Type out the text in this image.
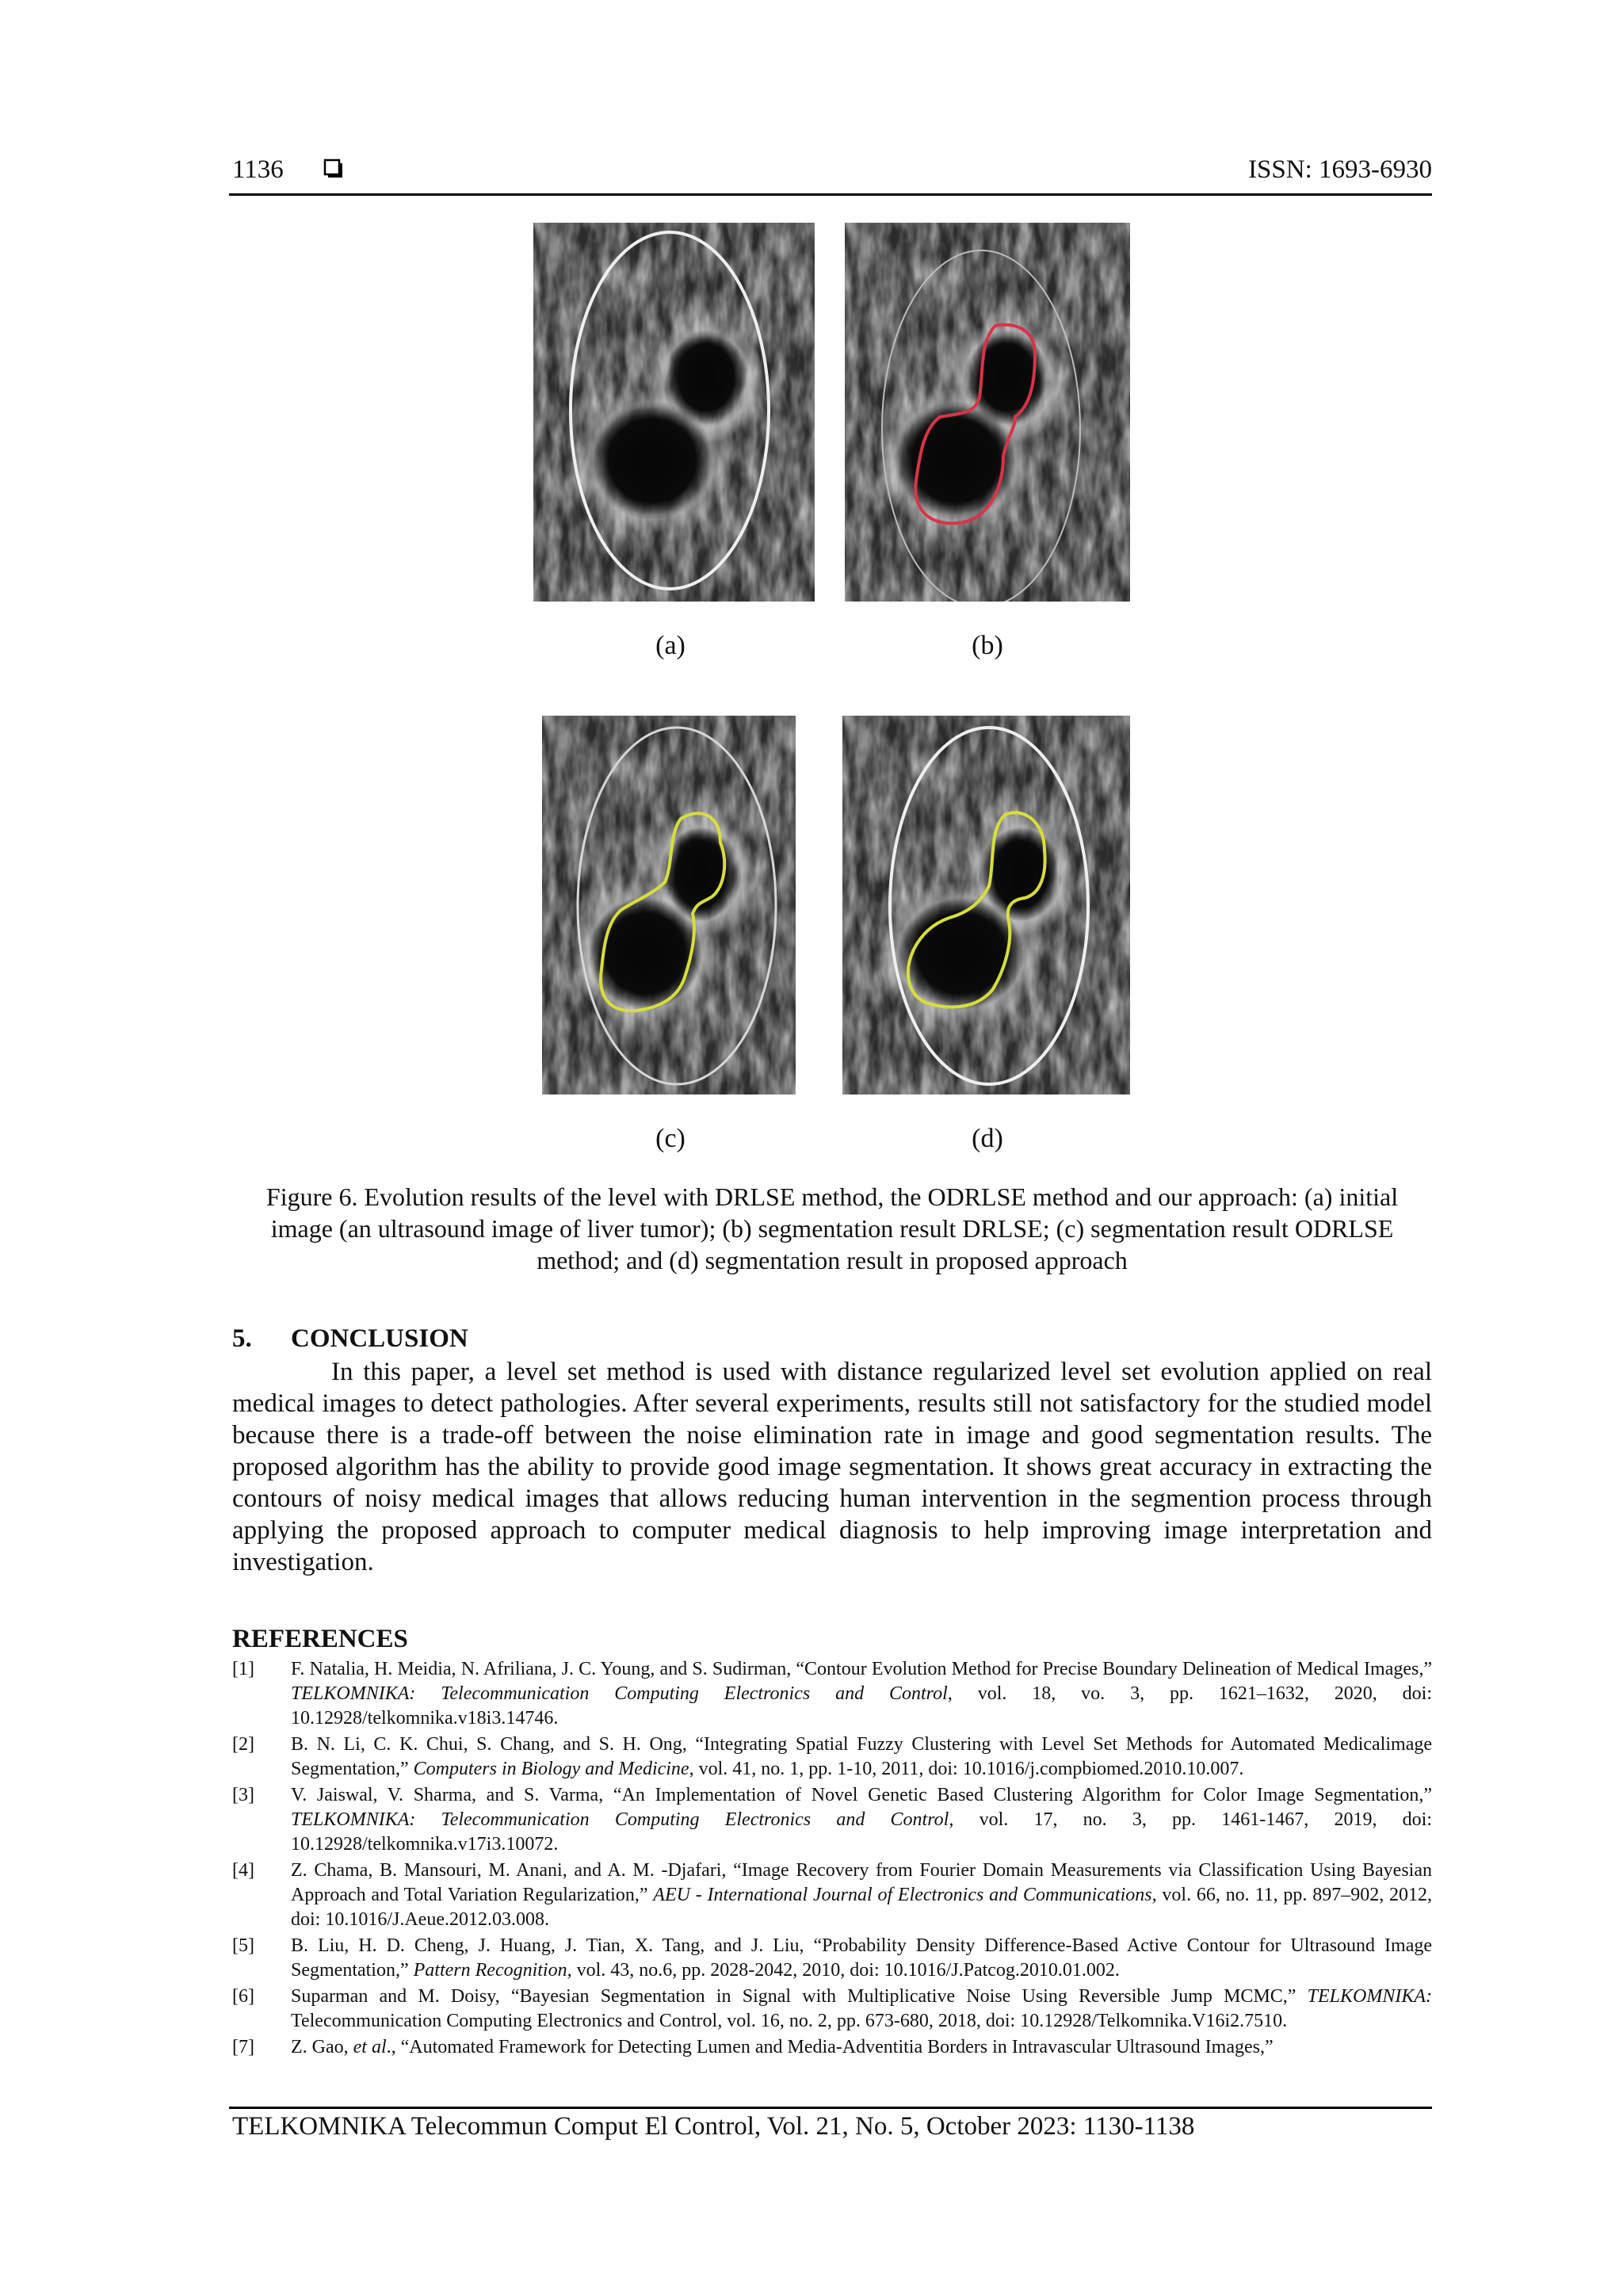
1136	ISSN: 1693-6930
(a)	(b)
(c)	(d)
Figure 6. Evolution results of the level with DRLSE method, the ODRLSE method and our approach: (a) initial image (an ultrasound image of liver tumor); (b) segmentation result DRLSE; (c) segmentation result ODRLSE method; and (d) segmentation result in proposed approach
5. CONCLUSION
In this paper, a level set method is used with distance regularized level set evolution applied on real medical images to detect pathologies. After several experiments, results still not satisfactory for the studied model because there is a trade-off between the noise elimination rate in image and good segmentation results. The proposed algorithm has the ability to provide good image segmentation. It shows great accuracy in extracting the contours of noisy medical images that allows reducing human intervention in the segmention process through applying the proposed approach to computer medical diagnosis to help improving image interpretation and investigation.
REFERENCES
[1]	F. Natalia, H. Meidia, N. Afriliana, J. C. Young, and S. Sudirman, “Contour Evolution Method for Precise Boundary Delineation of Medical Images,” TELKOMNIKA: Telecommunication Computing Electronics and Control, vol. 18, vo. 3, pp. 1621–1632, 2020, doi: 10.12928/telkomnika.v18i3.14746.
[2]	B. N. Li, C. K. Chui, S. Chang, and S. H. Ong, “Integrating Spatial Fuzzy Clustering with Level Set Methods for Automated Medicalimage Segmentation,” Computers in Biology and Medicine, vol. 41, no. 1, pp. 1-10, 2011, doi: 10.1016/j.compbiomed.2010.10.007.
[3]	V. Jaiswal, V. Sharma, and S. Varma, “An Implementation of Novel Genetic Based Clustering Algorithm for Color Image Segmentation,” TELKOMNIKA: Telecommunication Computing Electronics and Control, vol. 17, no. 3, pp. 1461-1467, 2019, doi: 10.12928/telkomnika.v17i3.10072.
[4]	Z. Chama, B. Mansouri, M. Anani, and A. M. -Djafari, “Image Recovery from Fourier Domain Measurements via Classification Using Bayesian Approach and Total Variation Regularization,” AEU - International Journal of Electronics and Communications, vol. 66, no. 11, pp. 897–902, 2012, doi: 10.1016/J.Aeue.2012.03.008.
[5]	B. Liu, H. D. Cheng, J. Huang, J. Tian, X. Tang, and J. Liu, “Probability Density Difference-Based Active Contour for Ultrasound Image Segmentation,” Pattern Recognition, vol. 43, no.6, pp. 2028-2042, 2010, doi: 10.1016/J.Patcog.2010.01.002.
[6]	Suparman and M. Doisy, “Bayesian Segmentation in Signal with Multiplicative Noise Using Reversible Jump MCMC,” TELKOMNIKA: Telecommunication Computing Electronics and Control, vol. 16, no. 2, pp. 673-680, 2018, doi: 10.12928/Telkomnika.V16i2.7510.
[7]	Z. Gao, et al., “Automated Framework for Detecting Lumen and Media-Adventitia Borders in Intravascular Ultrasound Images,”
TELKOMNIKA Telecommun Comput El Control, Vol. 21, No. 5, October 2023: 1130-1138
